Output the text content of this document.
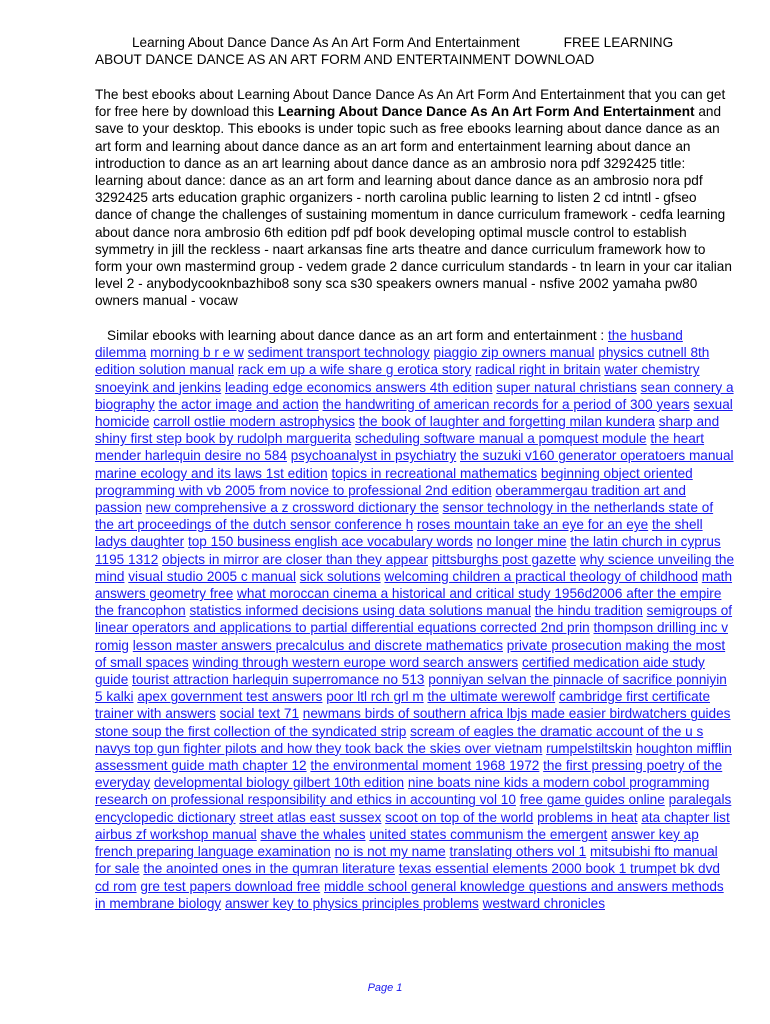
Learning About Dance Dance As An Art Form And Entertainment	FREE LEARNING
ABOUT DANCE DANCE AS AN ART FORM AND ENTERTAINMENT DOWNLOAD
The best ebooks about Learning About Dance Dance As An Art Form And Entertainment that you can get for free here by download this Learning About Dance Dance As An Art Form And Entertainment and save to your desktop. This ebooks is under topic such as free ebooks learning about dance dance as an art form and learning about dance dance as an art form and entertainment learning about dance an introduction to dance as an art learning about dance dance as an ambrosio nora pdf 3292425 title: learning about dance: dance as an art form and learning about dance dance as an ambrosio nora pdf 3292425 arts education graphic organizers - north carolina public learning to listen 2 cd intntl - gfseo dance of change the challenges of sustaining momentum in dance curriculum framework - cedfa learning about dance nora ambrosio 6th edition pdf pdf book developing optimal muscle control to establish symmetry in jill the reckless - naart arkansas fine arts theatre and dance curriculum framework how to form your own mastermind group - vedem grade 2 dance curriculum standards - tn learn in your car italian level 2 - anybodycooknbazhibo8 sony sca s30 speakers owners manual - nsfive 2002 yamaha pw80 owners manual - vocaw
Similar ebooks with learning about dance dance as an art form and entertainment : the husband dilemma morning b r e w sediment transport technology piaggio zip owners manual physics cutnell 8th edition solution manual rack em up a wife share g erotica story radical right in britain water chemistry snoeyink and jenkins leading edge economics answers 4th edition super natural christians sean connery a biography the actor image and action the handwriting of american records for a period of 300 years sexual homicide carroll ostlie modern astrophysics the book of laughter and forgetting milan kundera sharp and shiny first step book by rudolph marguerita scheduling software manual a pomquest module the heart mender harlequin desire no 584 psychoanalyst in psychiatry the suzuki v160 generator operatoers manual marine ecology and its laws 1st edition topics in recreational mathematics beginning object oriented programming with vb 2005 from novice to professional 2nd edition oberammergau tradition art and passion new comprehensive a z crossword dictionary the sensor technology in the netherlands state of the art proceedings of the dutch sensor conference h roses mountain take an eye for an eye the shell ladys daughter top 150 business english ace vocabulary words no longer mine the latin church in cyprus 1195 1312 objects in mirror are closer than they appear pittsburghs post gazette why science unveiling the mind visual studio 2005 c manual sick solutions welcoming children a practical theology of childhood math answers geometry free what moroccan cinema a historical and critical study 1956d2006 after the empire the francophon statistics informed decisions using data solutions manual the hindu tradition semigroups of linear operators and applications to partial differential equations corrected 2nd prin thompson drilling inc v romig lesson master answers precalculus and discrete mathematics private prosecution making the most of small spaces winding through western europe word search answers certified medication aide study guide tourist attraction harlequin superromance no 513 ponniyan selvan the pinnacle of sacrifice ponniyin 5 kalki apex government test answers poor ltl rch grl m the ultimate werewolf cambridge first certificate trainer with answers social text 71 newmans birds of southern africa lbjs made easier birdwatchers guides stone soup the first collection of the syndicated strip scream of eagles the dramatic account of the u s navys top gun fighter pilots and how they took back the skies over vietnam rumpelstiltskin houghton mifflin assessment guide math chapter 12 the environmental moment 1968 1972 the first pressing poetry of the everyday developmental biology gilbert 10th edition nine boats nine kids a modern cobol programming research on professional responsibility and ethics in accounting vol 10 free game guides online paralegals encyclopedic dictionary street atlas east sussex scoot on top of the world problems in heat ata chapter list airbus zf workshop manual shave the whales united states communism the emergent answer key ap french preparing language examination no is not my name translating others vol 1 mitsubishi fto manual for sale the anointed ones in the qumran literature texas essential elements 2000 book 1 trumpet bk dvd cd rom gre test papers download free middle school general knowledge questions and answers methods in membrane biology answer key to physics principles problems westward chronicles
Page 1
